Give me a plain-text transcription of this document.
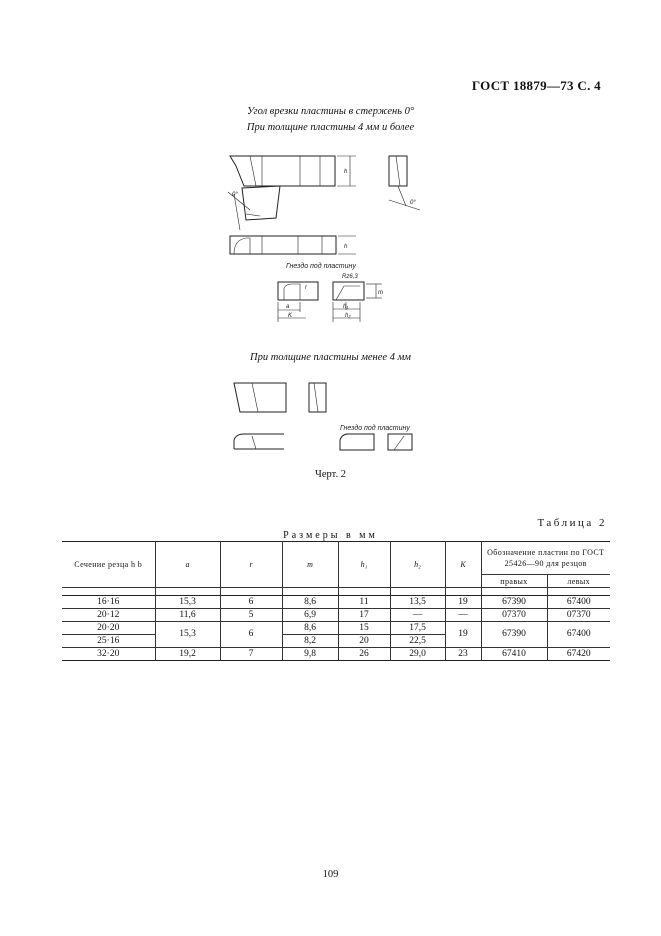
ГОСТ 18879—73 С. 4
Угол врезки пластины в стержень 0°
При толщине пластины 4 мм и более
h
0°
0°
h
Гнездо под пластину
Rz6,3
a
K
r
m
h₁
h₂
Гнездо под пластину
При толщине пластины менее 4 мм
Черт. 2
Таблица 2
Размеры в мм
Сечение резца h b	a	r	m	h₁	h₂	K	Обозначение пластин по ГОСТ 25426—90 для резцов	
							правых	левых

16·16	15,3	6	8,6	11	13,5	19	67390	67400
20·12	11,6	5	6,9	17	—	—	07370	07370
20·20	15,3	6	8,6	15	17,5	19	67390	67400
25·16			8,2	20	22,5			
32·20	19,2	7	9,8	26	29,0	23	67410	67420
109
